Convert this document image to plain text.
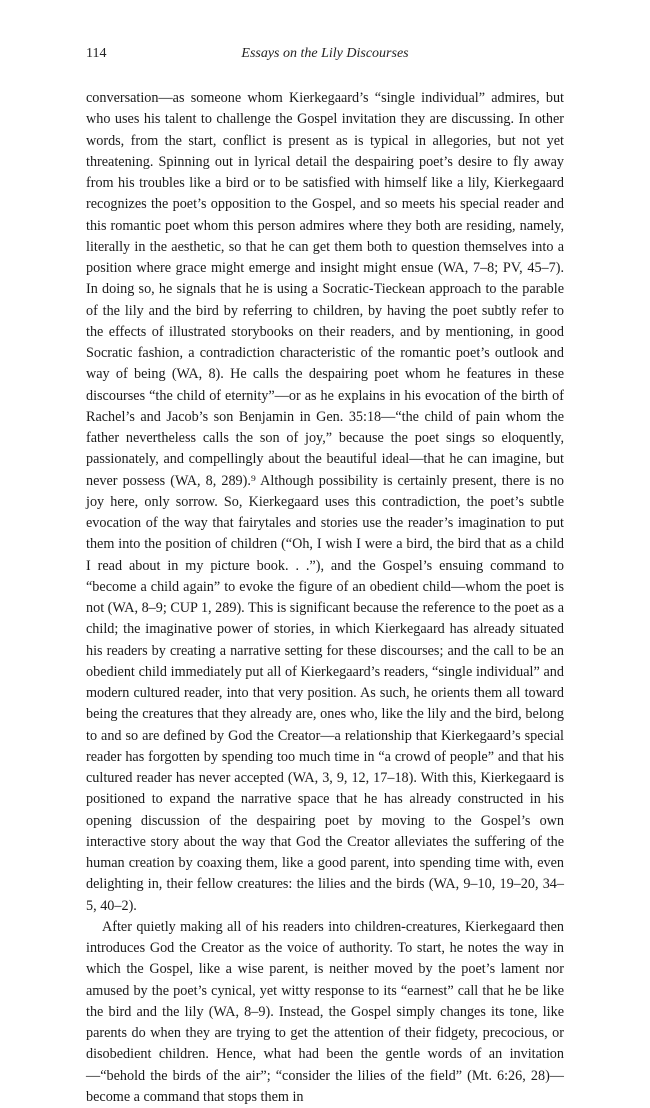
114	Essays on the Lily Discourses

conversation—as someone whom Kierkegaard’s “single individual” admires, but who uses his talent to challenge the Gospel invitation they are discussing. In other words, from the start, conflict is present as is typical in allegories, but not yet threatening. Spinning out in lyrical detail the despairing poet’s desire to fly away from his troubles like a bird or to be satisfied with himself like a lily, Kierkegaard recognizes the poet’s opposition to the Gospel, and so meets his special reader and this romantic poet whom this person admires where they both are residing, namely, literally in the aesthetic, so that he can get them both to question themselves into a position where grace might emerge and insight might ensue (WA, 7–8; PV, 45–7). In doing so, he signals that he is using a Socratic-Tieckean approach to the parable of the lily and the bird by referring to children, by having the poet subtly refer to the effects of illustrated storybooks on their readers, and by mentioning, in good Socratic fashion, a contradiction characteristic of the romantic poet’s outlook and way of being (WA, 8). He calls the despairing poet whom he features in these discourses “the child of eternity”—or as he explains in his evocation of the birth of Rachel’s and Jacob’s son Benjamin in Gen. 35:18—“the child of pain whom the father nevertheless calls the son of joy,” because the poet sings so eloquently, passionately, and compellingly about the beautiful ideal—that he can imagine, but never possess (WA, 8, 289).⁹ Although possibility is certainly present, there is no joy here, only sorrow. So, Kierkegaard uses this contradiction, the poet’s subtle evocation of the way that fairytales and stories use the reader’s imagination to put them into the position of children (“Oh, I wish I were a bird, the bird that as a child I read about in my picture book. . .”), and the Gospel’s ensuing command to “become a child again” to evoke the figure of an obedient child—whom the poet is not (WA, 8–9; CUP 1, 289). This is significant because the reference to the poet as a child; the imaginative power of stories, in which Kierkegaard has already situated his readers by creating a narrative setting for these discourses; and the call to be an obedient child immediately put all of Kierkegaard’s readers, “single individual” and modern cultured reader, into that very position. As such, he orients them all toward being the creatures that they already are, ones who, like the lily and the bird, belong to and so are defined by God the Creator—a relationship that Kierkegaard’s special reader has forgotten by spending too much time in “a crowd of people” and that his cultured reader has never accepted (WA, 3, 9, 12, 17–18). With this, Kierkegaard is positioned to expand the narrative space that he has already constructed in his opening discussion of the despairing poet by moving to the Gospel’s own interactive story about the way that God the Creator alleviates the suffering of the human creation by coaxing them, like a good parent, into spending time with, even delighting in, their fellow creatures: the lilies and the birds (WA, 9–10, 19–20, 34–5, 40–2).

After quietly making all of his readers into children-creatures, Kierkegaard then introduces God the Creator as the voice of authority. To start, he notes the way in which the Gospel, like a wise parent, is neither moved by the poet’s lament nor amused by the poet’s cynical, yet witty response to its “earnest” call that he be like the bird and the lily (WA, 8–9). Instead, the Gospel simply changes its tone, like parents do when they are trying to get the attention of their fidgety, precocious, or disobedient children. Hence, what had been the gentle words of an invitation—“behold the birds of the air”; “consider the lilies of the field” (Mt. 6:26, 28)—become a command that stops them in
